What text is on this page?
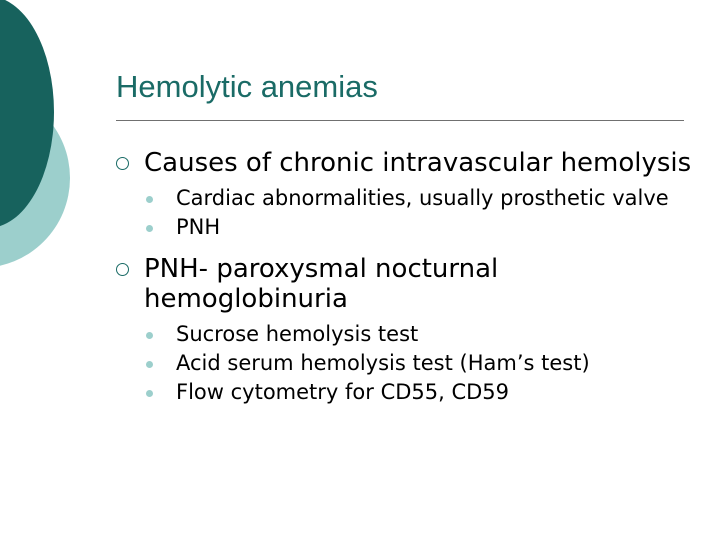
Hemolytic anemias
Causes of chronic intravascular hemolysis
Cardiac abnormalities, usually prosthetic valve
PNH
PNH- paroxysmal nocturnal hemoglobinuria
Sucrose hemolysis test
Acid serum hemolysis test (Ham’s test)
Flow cytometry for CD55, CD59
